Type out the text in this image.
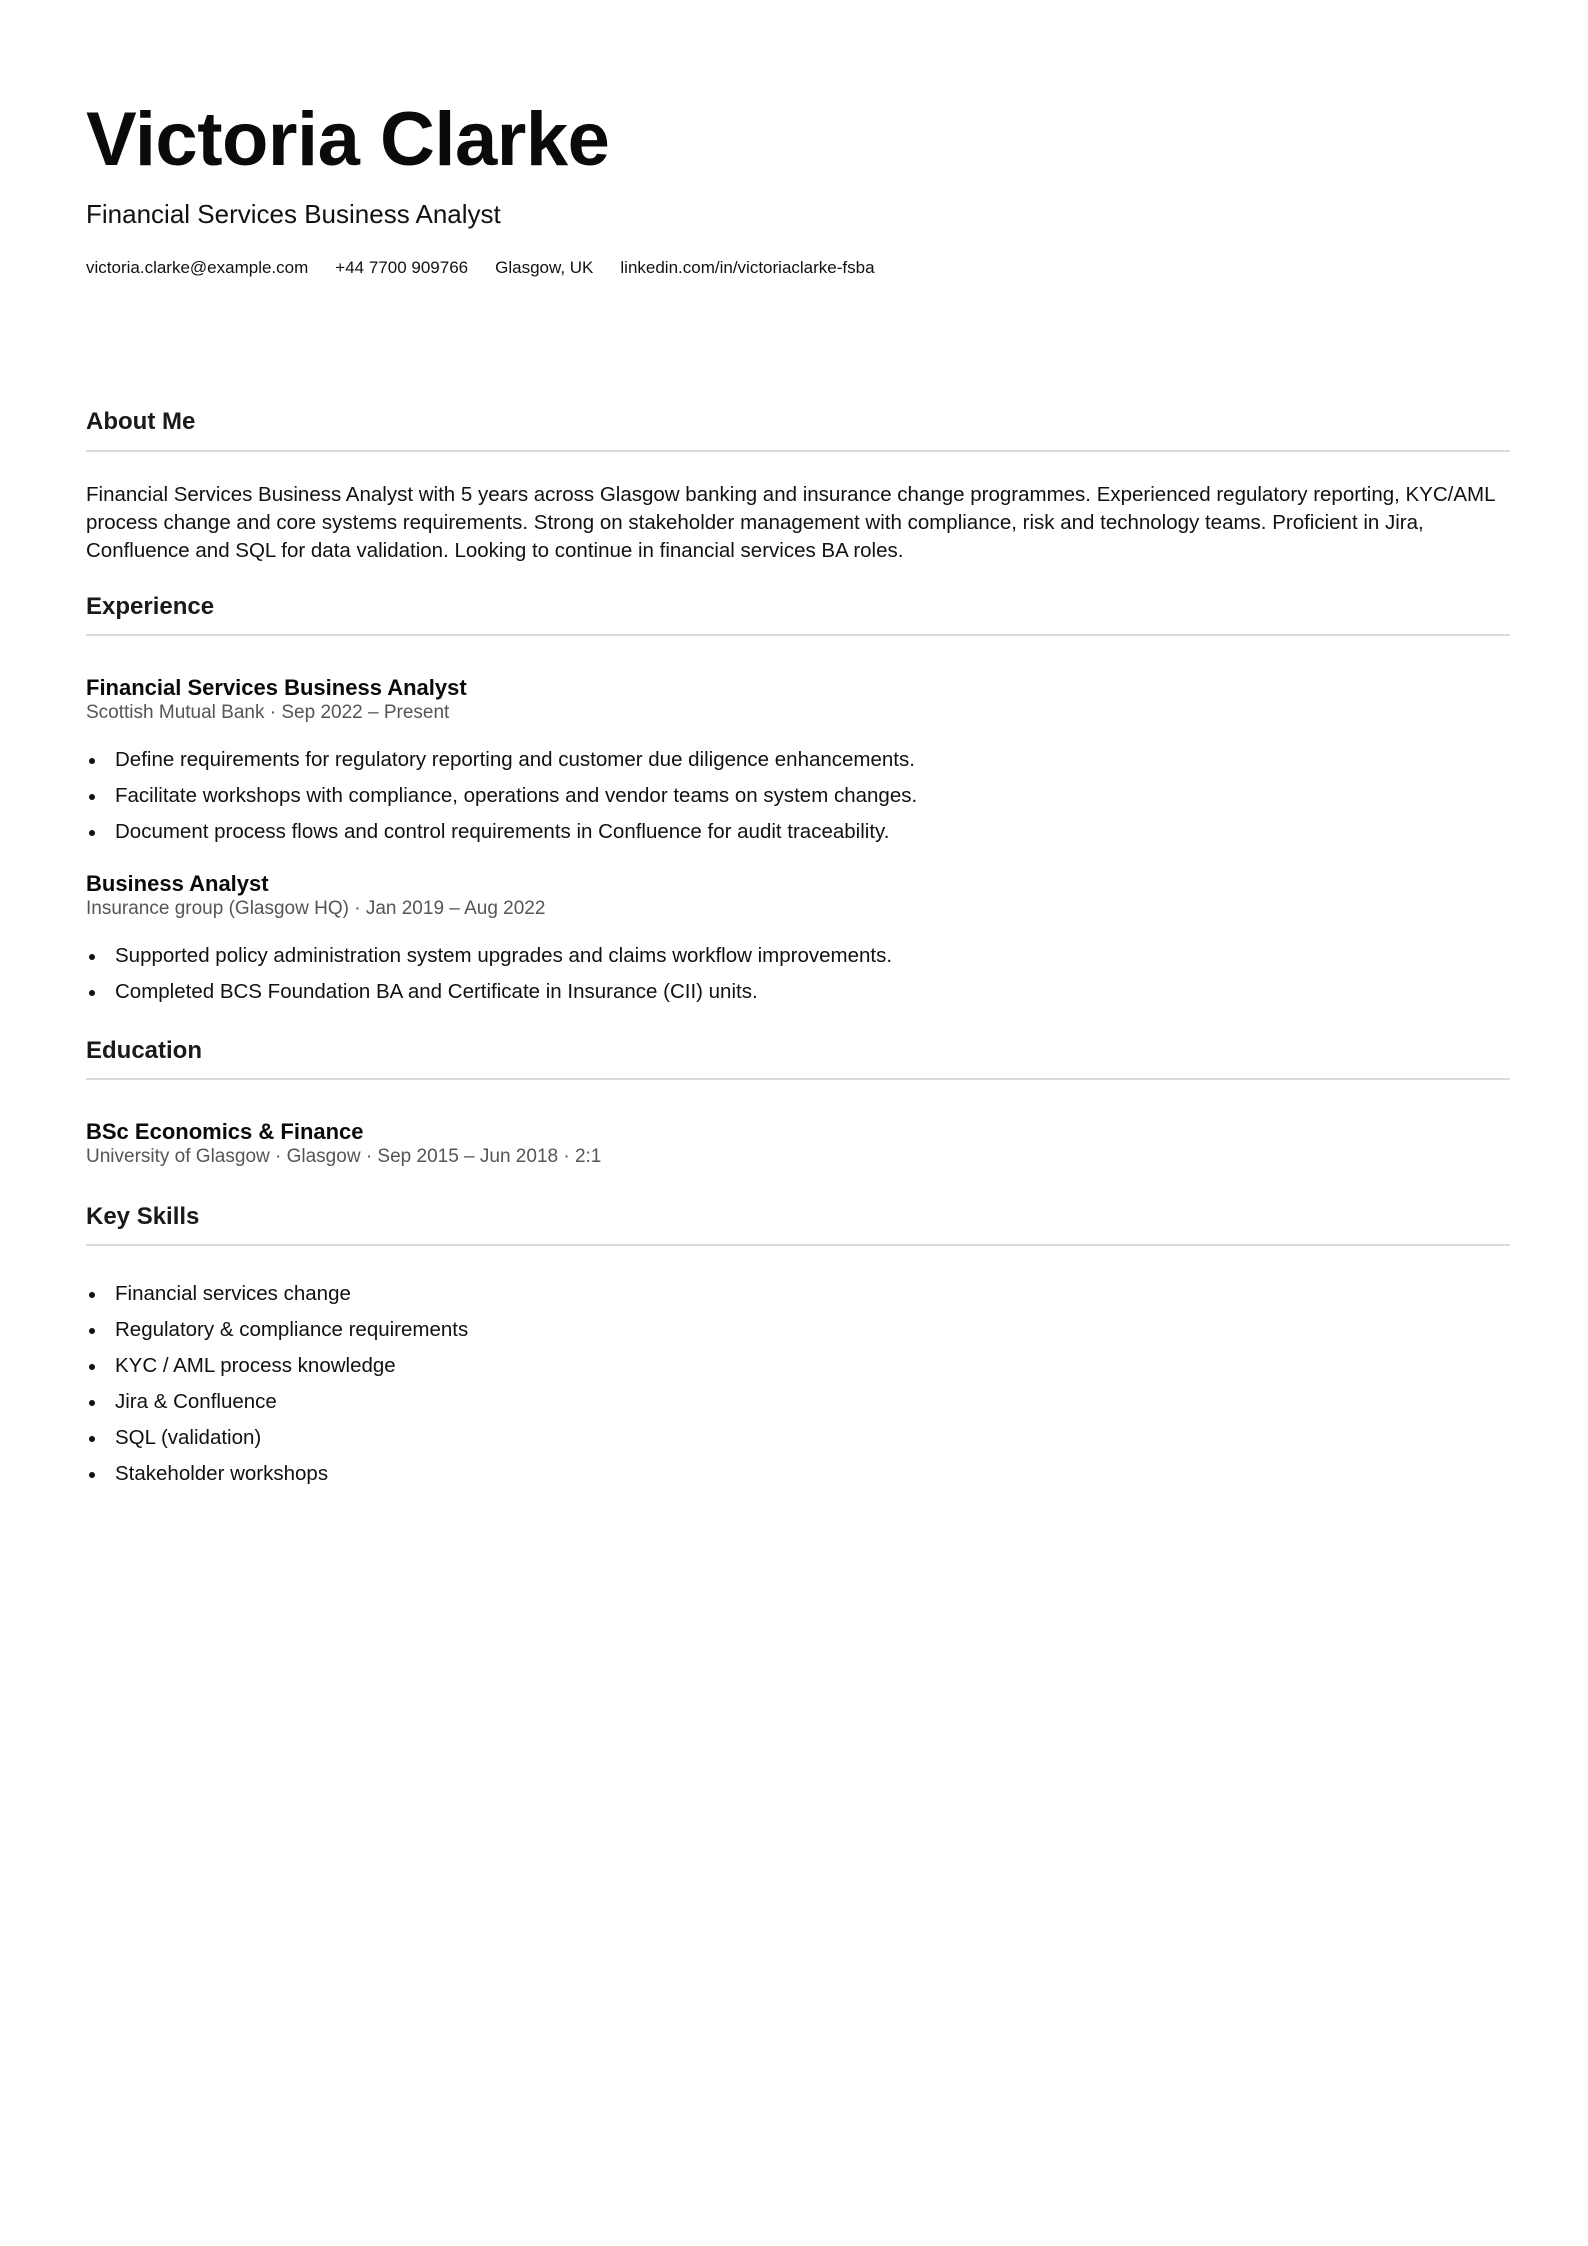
Victoria Clarke
Financial Services Business Analyst
victoria.clarke@example.com +44 7700 909766 Glasgow, UK linkedin.com/in/victoriaclarke-fsba
About Me

Financial Services Business Analyst with 5 years across Glasgow banking and insurance change programmes. Experienced regulatory reporting, KYC/AML process change and core systems requirements. Strong on stakeholder management with compliance, risk and technology teams. Proficient in Jira, Confluence and SQL for data validation. Looking to continue in financial services BA roles.

Experience
Financial Services Business Analyst
Scottish Mutual Bank · Sep 2022 – Present
Define requirements for regulatory reporting and customer due diligence enhancements.
Facilitate workshops with compliance, operations and vendor teams on system changes.
Document process flows and control requirements in Confluence for audit traceability.
Business Analyst
Insurance group (Glasgow HQ) · Jan 2019 – Aug 2022
Supported policy administration system upgrades and claims workflow improvements.
Completed BCS Foundation BA and Certificate in Insurance (CII) units.
Education
BSc Economics & Finance
University of Glasgow · Glasgow · Sep 2015 – Jun 2018 · 2:1
Key Skills
Financial services change
Regulatory & compliance requirements
KYC / AML process knowledge
Jira & Confluence
SQL (validation)
Stakeholder workshops
